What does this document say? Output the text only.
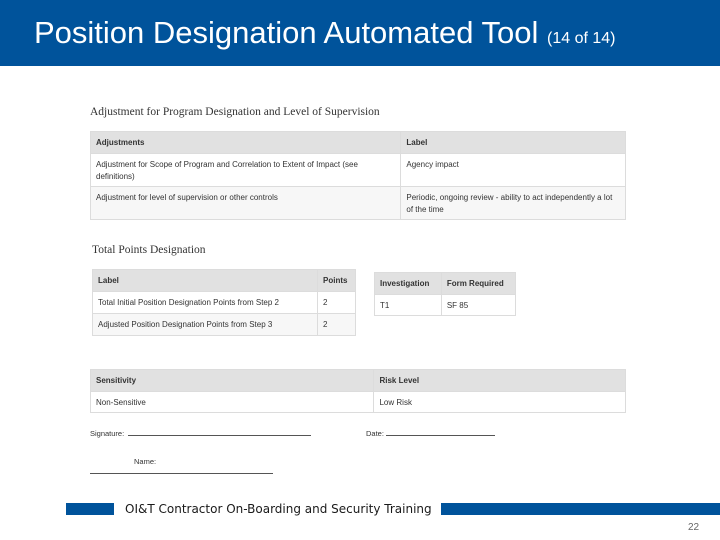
Position Designation Automated Tool (14 of 14)
Adjustment for Program Designation and Level of Supervision
Adjustments	Label
Adjustment for Scope of Program and Correlation to Extent of Impact (see definitions)	Agency impact
Adjustment for level of supervision or other controls	Periodic, ongoing review - ability to act independently a lot of the time
Total Points Designation
Label	Points
Total Initial Position Designation Points from Step 2	2
Adjusted Position Designation Points from Step 3	2
Investigation	Form Required
T1	SF 85
Sensitivity	Risk Level
Non-Sensitive	Low Risk
Signature:	Date:
Name:
OI&T Contractor On-Boarding and Security Training
22
